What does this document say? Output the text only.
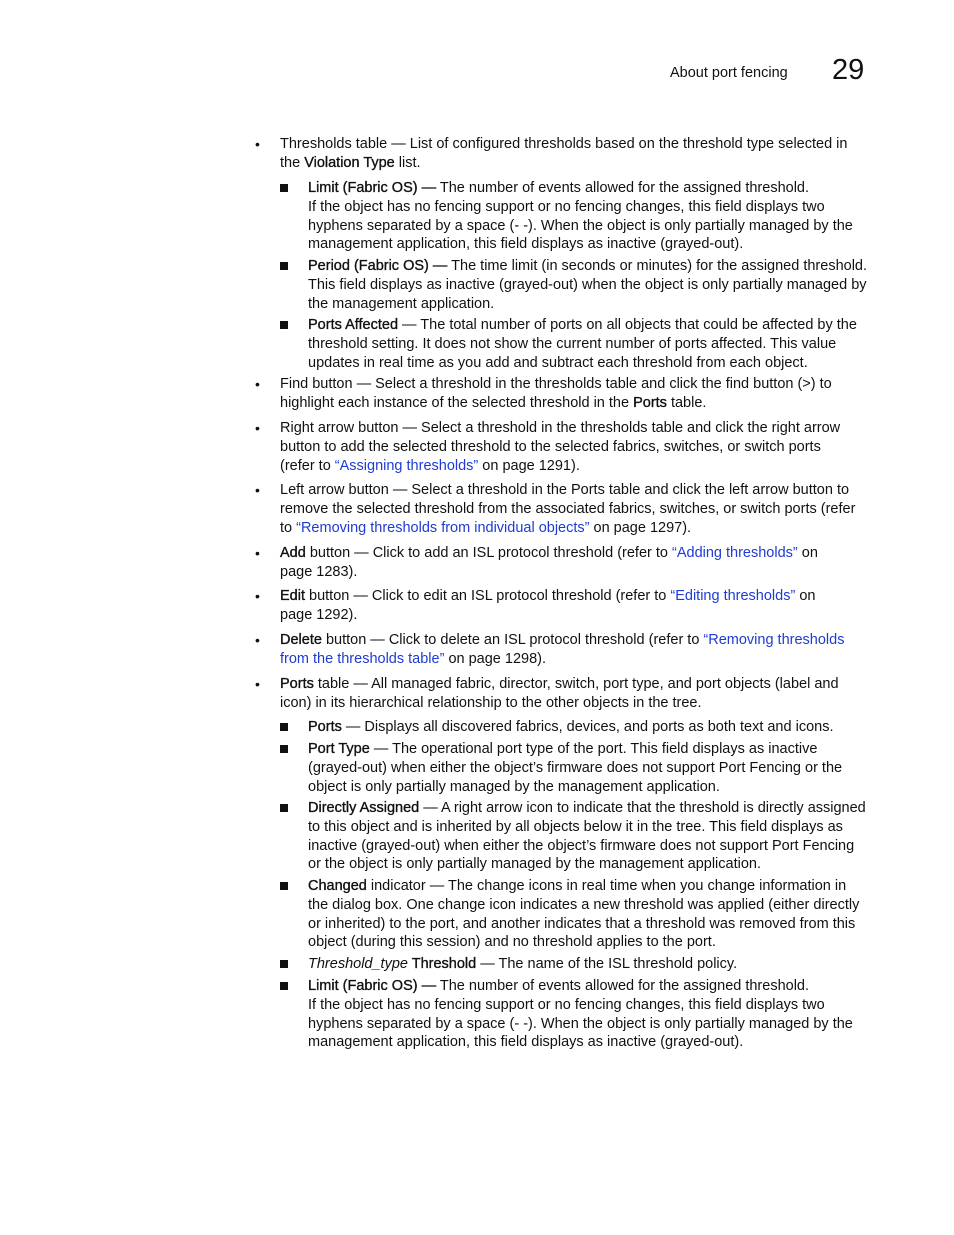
About port fencing 29
• Thresholds table — List of configured thresholds based on the threshold type selected in
the Violation Type list.
Limit (Fabric OS) — The number of events allowed for the assigned threshold.
If the object has no fencing support or no fencing changes, this field displays two
hyphens separated by a space (- -). When the object is only partially managed by the
management application, this field displays as inactive (grayed-out).
Period (Fabric OS) — The time limit (in seconds or minutes) for the assigned threshold.
This field displays as inactive (grayed-out) when the object is only partially managed by
the management application.
Ports Affected — The total number of ports on all objects that could be affected by the
threshold setting. It does not show the current number of ports affected. This value
updates in real time as you add and subtract each threshold from each object.
• Find button — Select a threshold in the thresholds table and click the find button (>) to
highlight each instance of the selected threshold in the Ports table.
• Right arrow button — Select a threshold in the thresholds table and click the right arrow
button to add the selected threshold to the selected fabrics, switches, or switch ports
(refer to “Assigning thresholds” on page 1291).
• Left arrow button — Select a threshold in the Ports table and click the left arrow button to
remove the selected threshold from the associated fabrics, switches, or switch ports (refer
to “Removing thresholds from individual objects” on page 1297).
• Add button — Click to add an ISL protocol threshold (refer to “Adding thresholds” on
page 1283).
• Edit button — Click to edit an ISL protocol threshold (refer to “Editing thresholds” on
page 1292).
• Delete button — Click to delete an ISL protocol threshold (refer to “Removing thresholds
from the thresholds table” on page 1298).
• Ports table — All managed fabric, director, switch, port type, and port objects (label and
icon) in its hierarchical relationship to the other objects in the tree.
Ports — Displays all discovered fabrics, devices, and ports as both text and icons.
Port Type — The operational port type of the port. This field displays as inactive
(grayed-out) when either the object’s firmware does not support Port Fencing or the
object is only partially managed by the management application.
Directly Assigned — A right arrow icon to indicate that the threshold is directly assigned
to this object and is inherited by all objects below it in the tree. This field displays as
inactive (grayed-out) when either the object’s firmware does not support Port Fencing
or the object is only partially managed by the management application.
Changed indicator — The change icons in real time when you change information in
the dialog box. One change icon indicates a new threshold was applied (either directly
or inherited) to the port, and another indicates that a threshold was removed from this
object (during this session) and no threshold applies to the port.
Threshold_type Threshold — The name of the ISL threshold policy.
Limit (Fabric OS) — The number of events allowed for the assigned threshold.
If the object has no fencing support or no fencing changes, this field displays two
hyphens separated by a space (- -). When the object is only partially managed by the
management application, this field displays as inactive (grayed-out).
